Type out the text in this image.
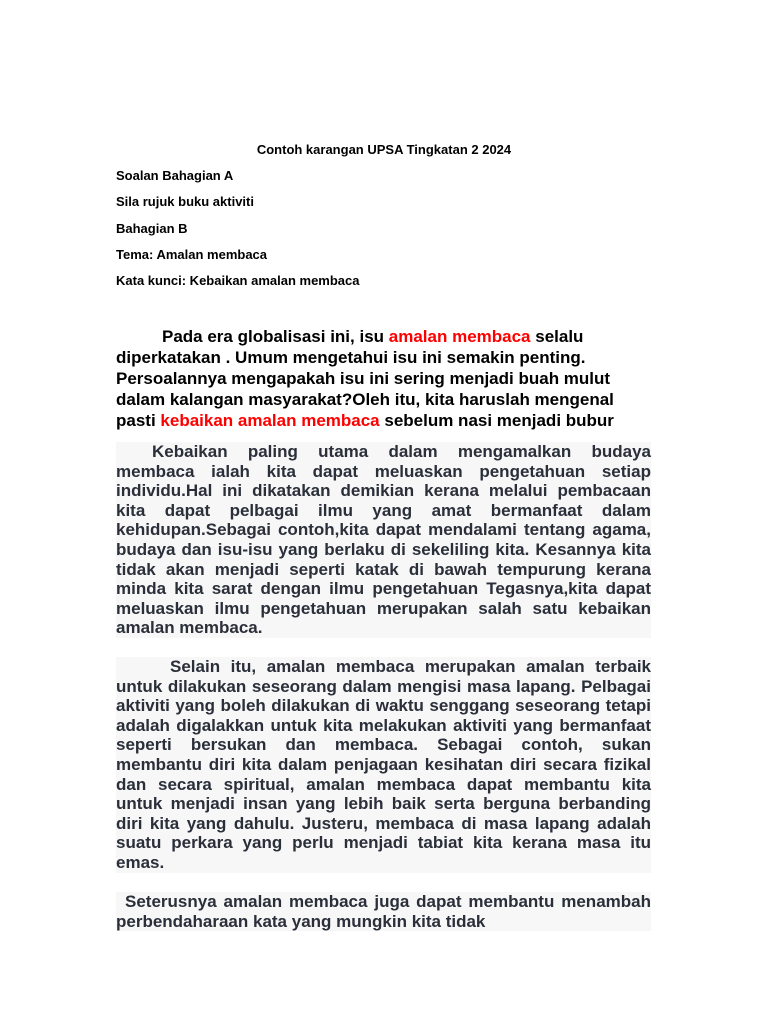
Contoh karangan UPSA Tingkatan 2 2024
Soalan Bahagian A
Sila rujuk buku aktiviti
Bahagian B
Tema: Amalan membaca
Kata kunci: Kebaikan amalan membaca
Pada era globalisasi ini, isu amalan membaca selalu diperkatakan . Umum mengetahui isu ini semakin penting. Persoalannya mengapakah isu ini sering menjadi buah mulut dalam kalangan masyarakat?Oleh itu, kita haruslah mengenal pasti kebaikan amalan membaca sebelum nasi menjadi bubur
Kebaikan paling utama dalam mengamalkan budaya membaca ialah kita dapat meluaskan pengetahuan setiap individu.Hal ini dikatakan demikian kerana melalui pembacaan kita dapat pelbagai ilmu yang amat bermanfaat dalam kehidupan.Sebagai contoh,kita dapat mendalami tentang agama, budaya dan isu-isu yang berlaku di sekeliling kita. Kesannya kita tidak akan menjadi seperti katak di bawah tempurung kerana minda kita sarat dengan ilmu pengetahuan Tegasnya,kita dapat meluaskan ilmu pengetahuan merupakan salah satu kebaikan amalan membaca.
Selain itu, amalan membaca merupakan amalan terbaik untuk dilakukan seseorang dalam mengisi masa lapang. Pelbagai aktiviti yang boleh dilakukan di waktu senggang seseorang tetapi adalah digalakkan untuk kita melakukan aktiviti yang bermanfaat seperti bersukan dan membaca. Sebagai contoh, sukan membantu diri kita dalam penjagaan kesihatan diri secara fizikal dan secara spiritual, amalan membaca dapat membantu kita untuk menjadi insan yang lebih baik serta berguna berbanding diri kita yang dahulu. Justeru, membaca di masa lapang adalah suatu perkara yang perlu menjadi tabiat kita kerana masa itu emas.
Seterusnya amalan membaca juga dapat membantu menambah perbendaharaan kata yang mungkin kita tidak
